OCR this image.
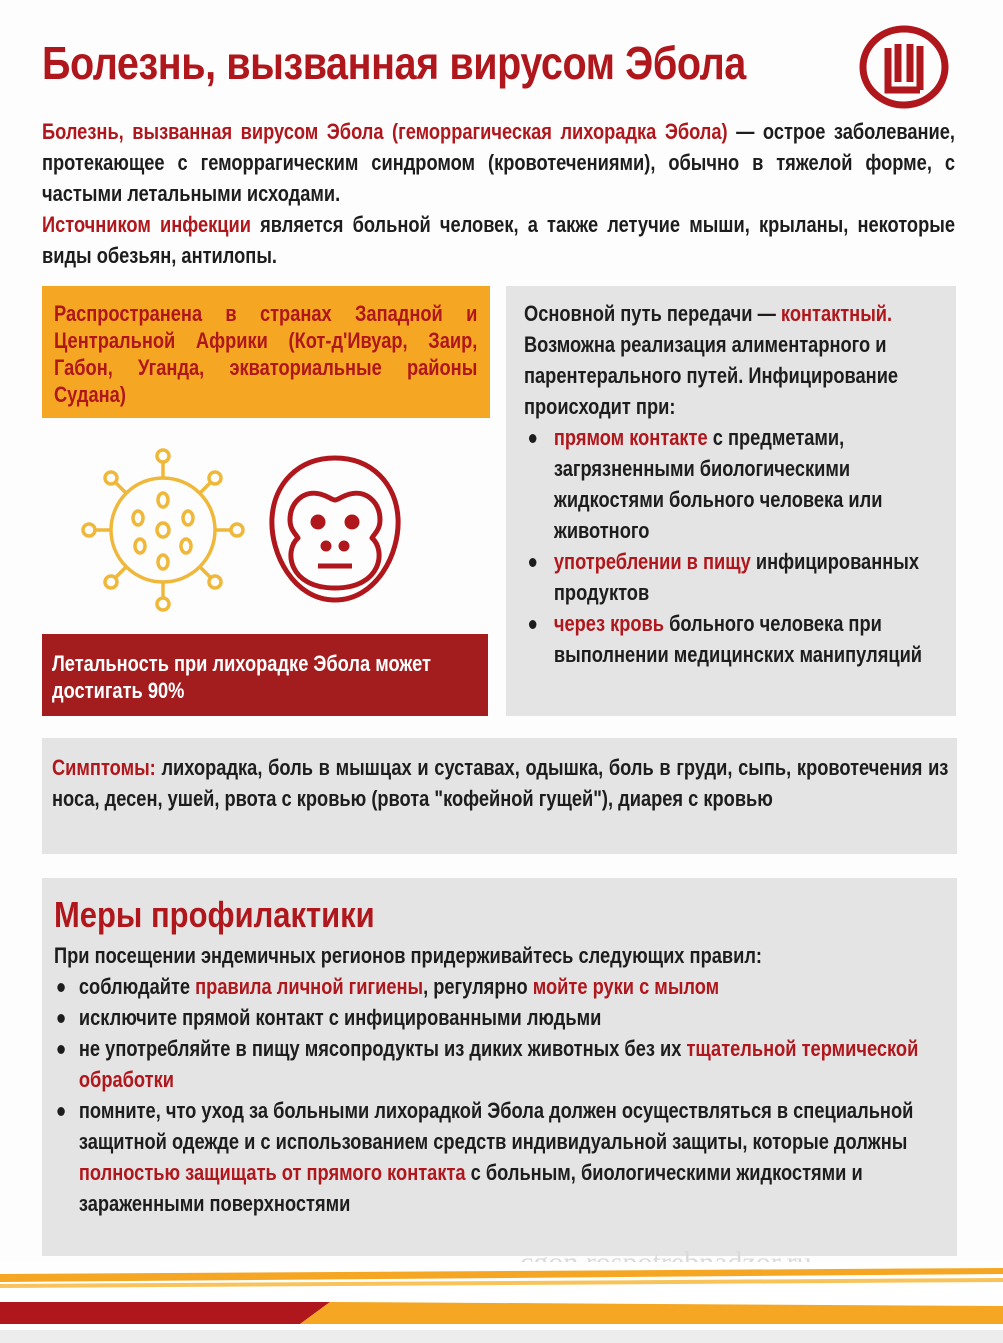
Болезнь, вызванная вирусом Эбола

Болезнь, вызванная вирусом Эбола (геморрагическая лихорадка Эбола) — острое заболевание, протекающее с геморрагическим синдромом (кровотечениями), обычно в тяжелой форме, с частыми летальными исходами.

Источником инфекции является больной человек, а также летучие мыши, крыланы, некоторые виды обезьян, антилопы.

Распространена в странах Западной и Центральной Африки (Кот-д'Ивуар, Заир, Габон, Уганда, экваториальные районы Судана)
Летальность при лихорадке Эбола может достигать 90%

Основной путь передачи — контактный.

Возможна реализация алиментарного и парентерального путей. Инфицирование происходит при:

прямом контакте с предметами, загрязненными биологическими жидкостями больного человека или животного
употреблении в пищу инфицированных продуктов
через кровь больного человека при выполнении медицинских манипуляций
Симптомы: лихорадка, боль в мышцах и суставах, одышка, боль в груди, сыпь, кровотечения из носа, десен, ушей, рвота с кровью (рвота "кофейной гущей"), диарея с кровью
Меры профилактики

При посещении эндемичных регионов придерживайтесь следующих правил:

соблюдайте правила личной гигиены, регулярно мойте руки с мылом
исключите прямой контакт с инфицированными людьми
не употребляйте в пищу мясопродукты из диких животных без их тщательной термической обработки
помните, что уход за больными лихорадкой Эбола должен осуществляться в специальной защитной одежде и с использованием средств индивидуальной защиты, которые должны полностью защищать от прямого контакта с больным, биологическими жидкостями и зараженными поверхностями
